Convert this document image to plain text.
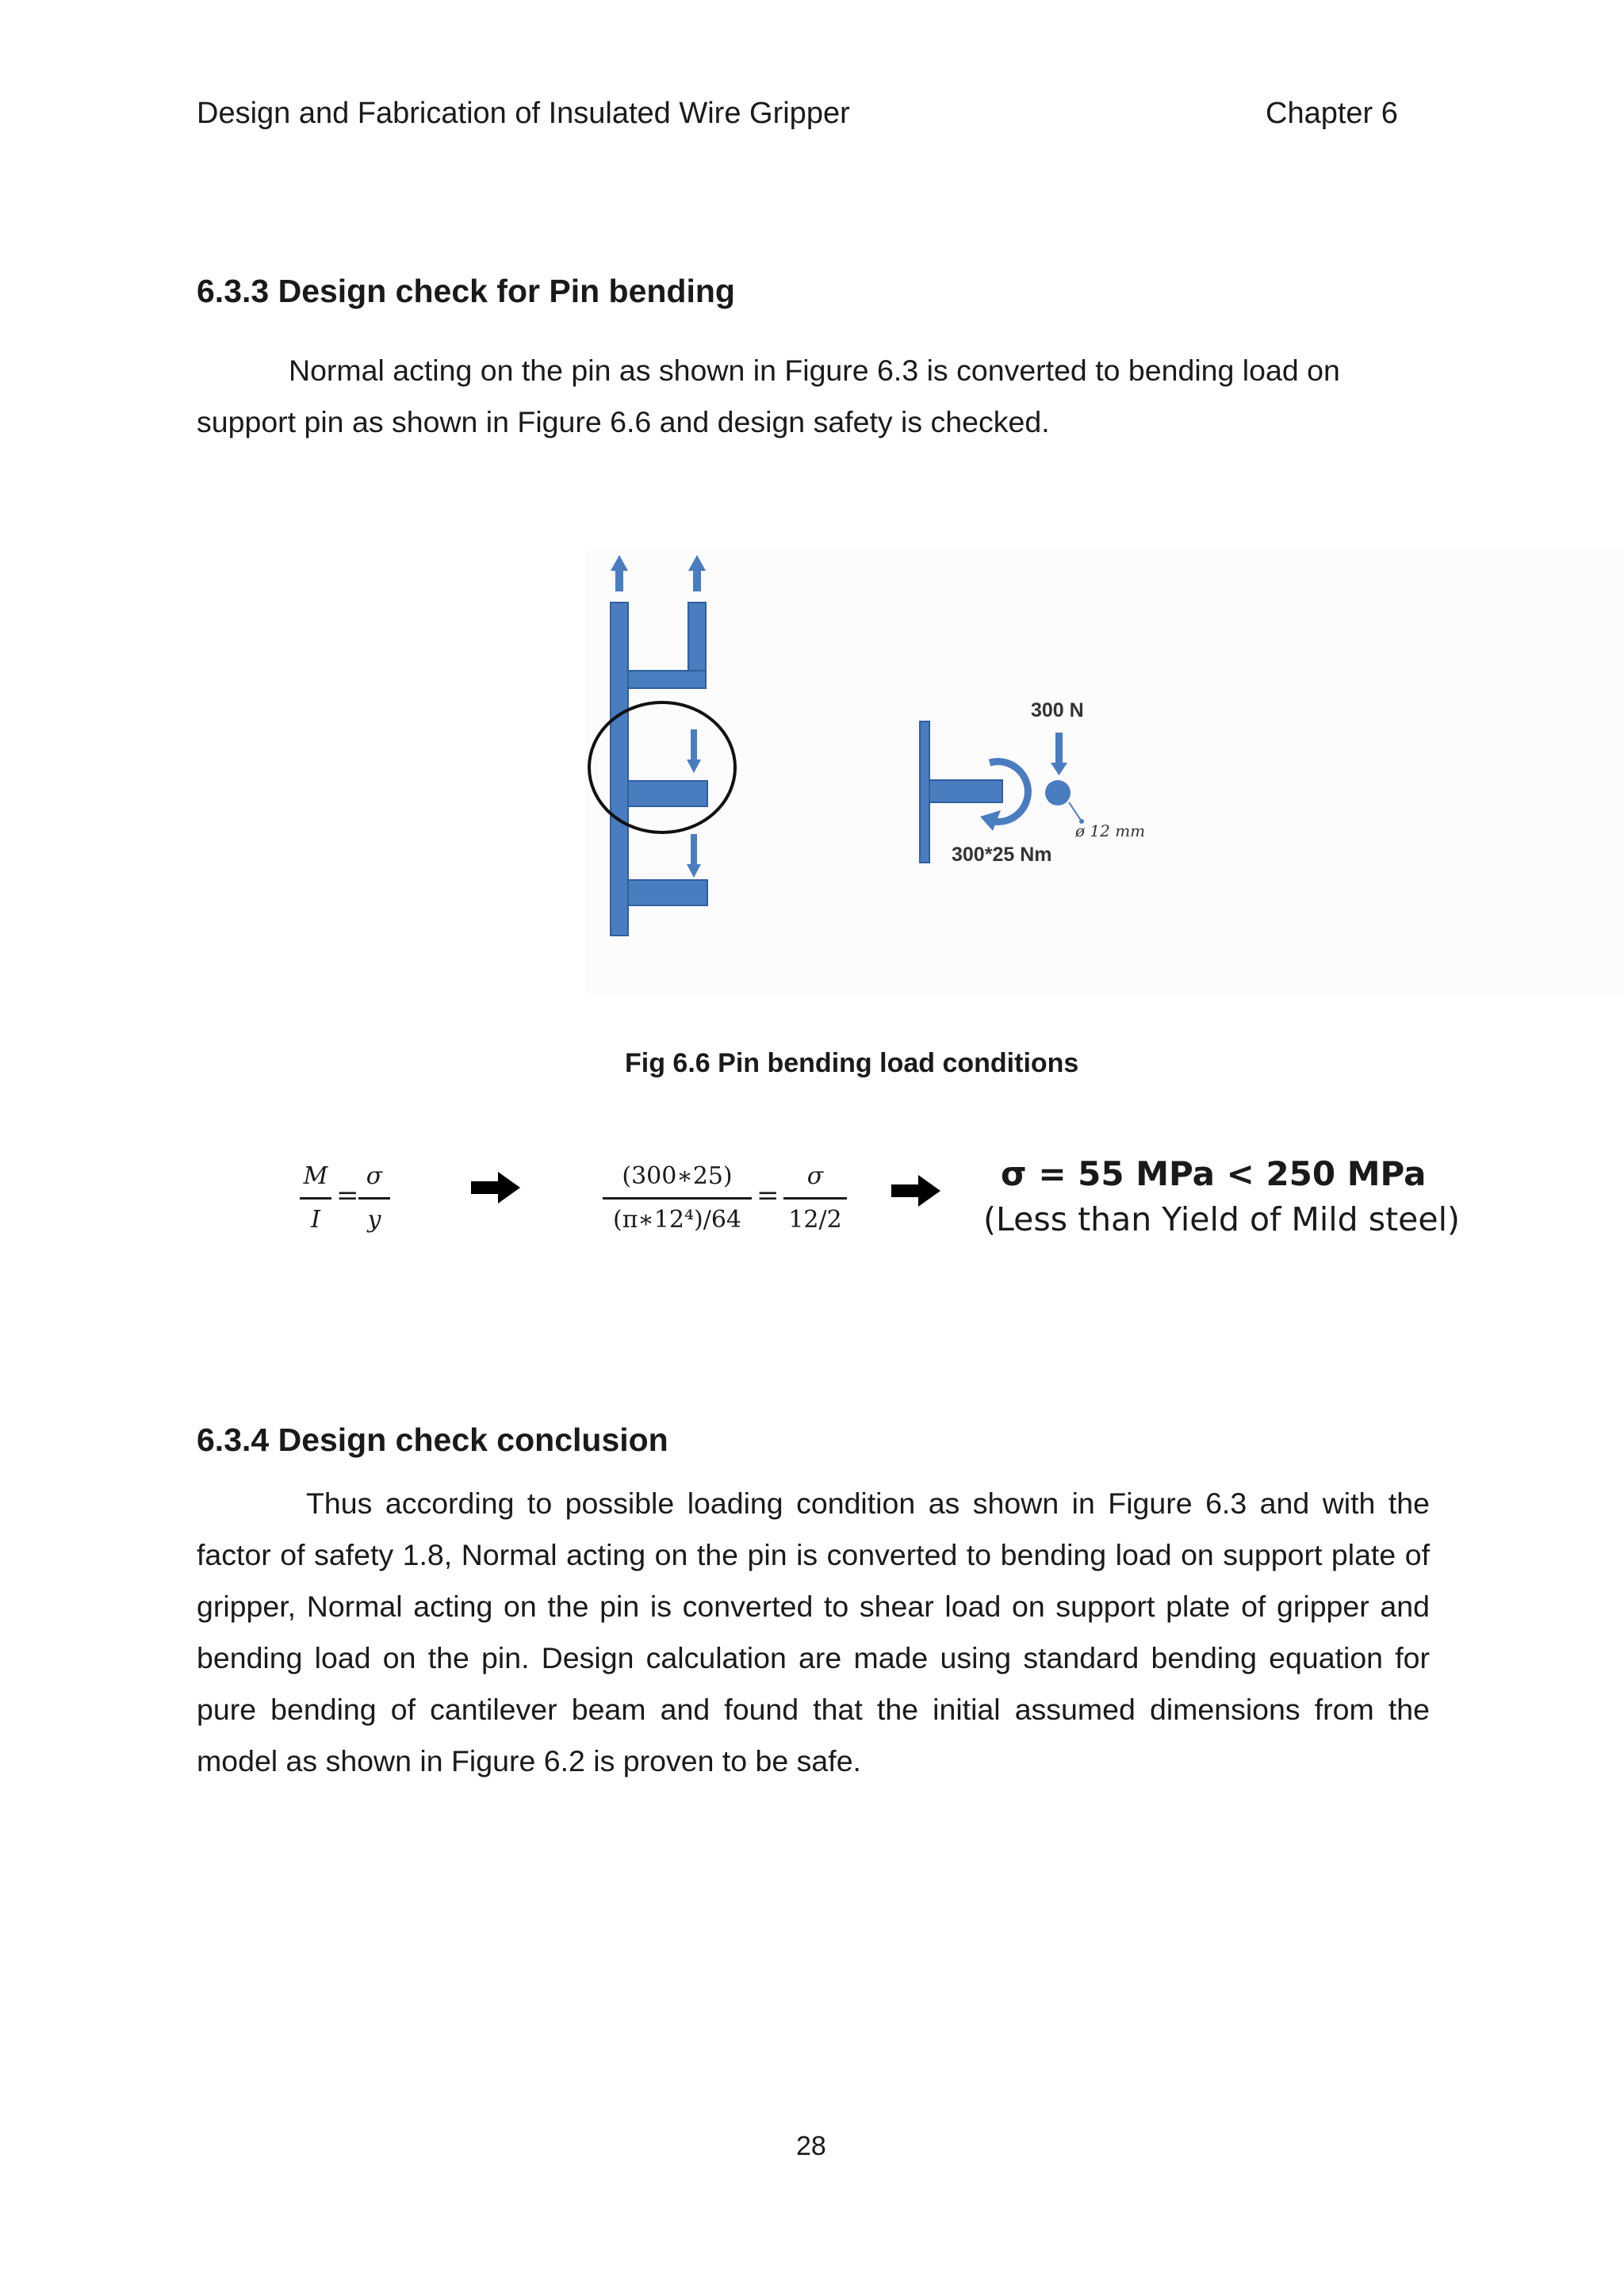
Design and Fabrication of Insulated Wire Gripper	Chapter 6
6.3.3 Design check for Pin bending

Normal acting on the pin as shown in Figure 6.3 is converted to bending load on support pin as shown in Figure 6.6 and design safety is checked.

300 N
300*25 Nm
ø 12 mm
Fig 6.6 Pin bending load conditions
M
I
=
σ
y
(300∗25)
(π∗12⁴)/64
=
σ
12/2
σ = 55 MPa < 250 MPa
(Less than Yield of Mild steel)
6.3.4 Design check conclusion

Thus according to possible loading condition as shown in Figure 6.3 and with the factor of safety 1.8, Normal acting on the pin is converted to bending load on support plate of gripper, Normal acting on the pin is converted to shear load on support plate of gripper and bending load on the pin. Design calculation are made using standard bending equation for pure bending of cantilever beam and found that the initial assumed dimensions from the model as shown in Figure 6.2 is proven to be safe.

28
